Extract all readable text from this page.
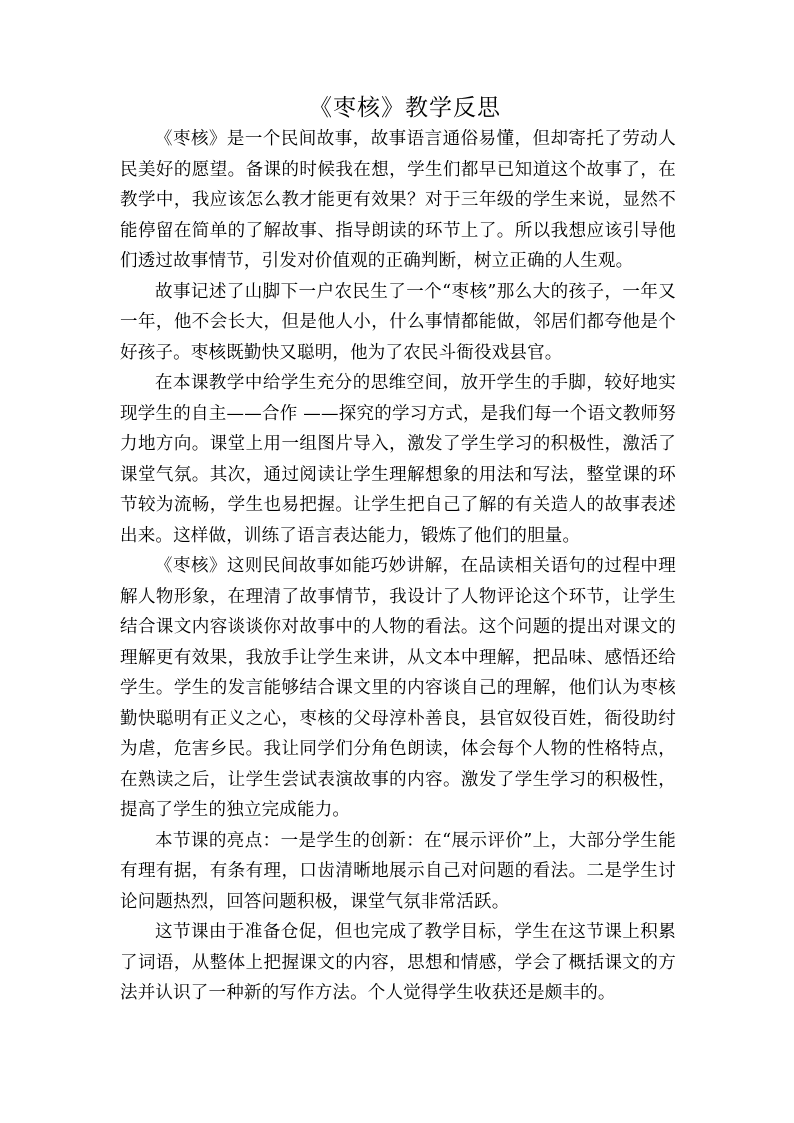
《枣核》教学反思

《枣核》是一个民间故事，故事语言通俗易懂，但却寄托了劳动人民美好的愿望。备课的时候我在想，学生们都早已知道这个故事了，在教学中，我应该怎么教才能更有效果？对于三年级的学生来说，显然不能停留在简单的了解故事、指导朗读的环节上了。所以我想应该引导他们透过故事情节，引发对价值观的正确判断，树立正确的人生观。

故事记述了山脚下一户农民生了一个“枣核”那么大的孩子，一年又一年，他不会长大，但是他人小，什么事情都能做，邻居们都夸他是个好孩子。枣核既勤快又聪明，他为了农民斗衙役戏县官。

在本课教学中给学生充分的思维空间，放开学生的手脚，较好地实现学生的自主——合作 ——探究的学习方式，是我们每一个语文教师努力地方向。课堂上用一组图片导入，激发了学生学习的积极性，激活了课堂气氛。其次，通过阅读让学生理解想象的用法和写法，整堂课的环节较为流畅，学生也易把握。让学生把自己了解的有关造人的故事表述出来。这样做，训练了语言表达能力，锻炼了他们的胆量。

《枣核》这则民间故事如能巧妙讲解，在品读相关语句的过程中理解人物形象，在理清了故事情节，我设计了人物评论这个环节，让学生结合课文内容谈谈你对故事中的人物的看法。这个问题的提出对课文的理解更有效果，我放手让学生来讲，从文本中理解，把品味、感悟还给学生。学生的发言能够结合课文里的内容谈自己的理解，他们认为枣核勤快聪明有正义之心，枣核的父母淳朴善良，县官奴役百姓，衙役助纣为虐，危害乡民。我让同学们分角色朗读，体会每个人物的性格特点，在熟读之后，让学生尝试表演故事的内容。激发了学生学习的积极性，提高了学生的独立完成能力。

本节课的亮点：一是学生的创新：在“展示评价”上，大部分学生能有理有据，有条有理，口齿清晰地展示自己对问题的看法。二是学生讨论问题热烈，回答问题积极，课堂气氛非常活跃。

这节课由于准备仓促，但也完成了教学目标，学生在这节课上积累了词语，从整体上把握课文的内容，思想和情感，学会了概括课文的方法并认识了一种新的写作方法。个人觉得学生收获还是颇丰的。
